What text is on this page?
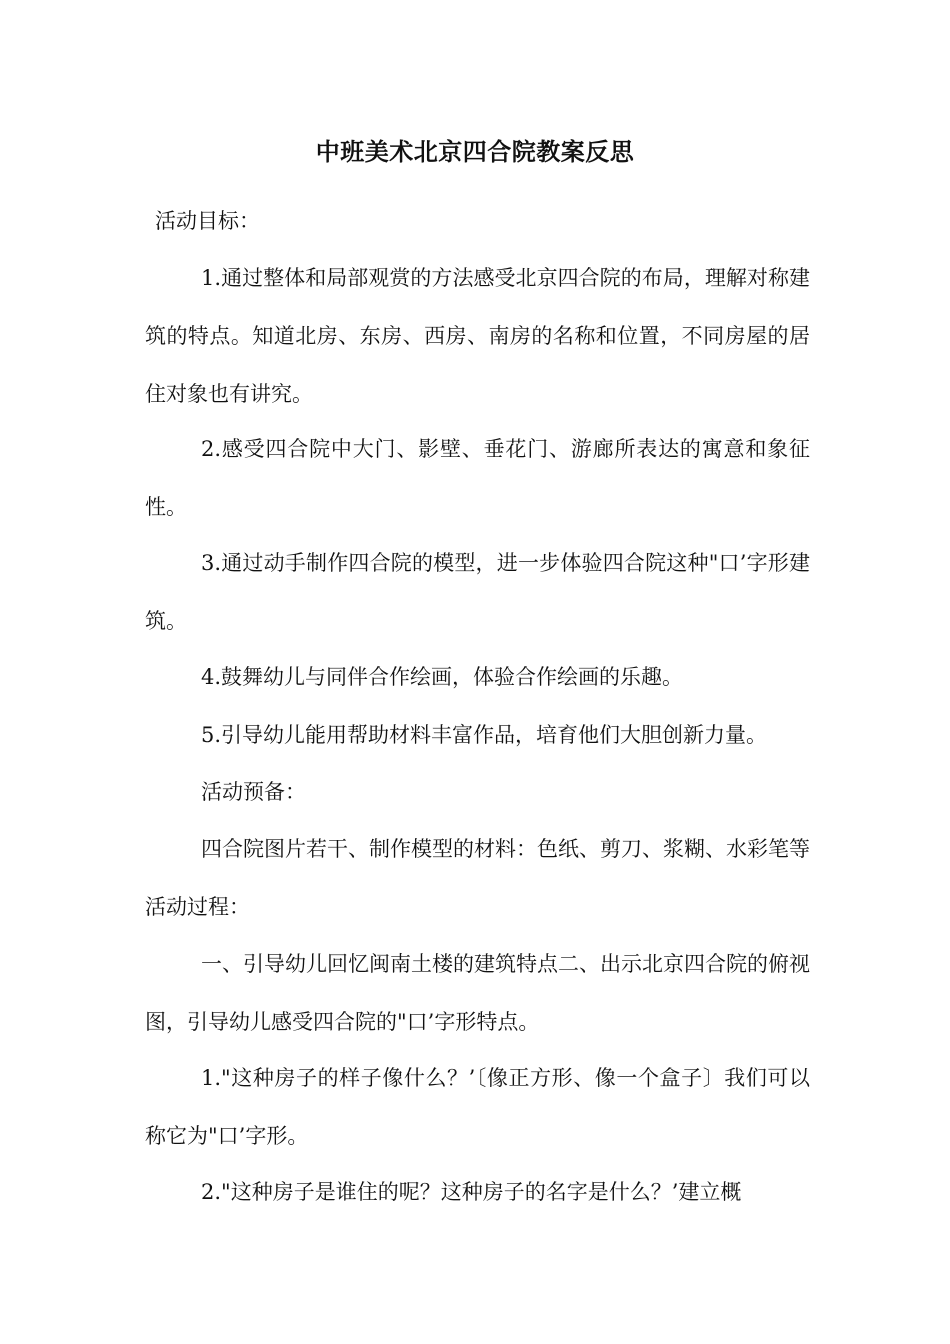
中班美术北京四合院教案反思

活动目标：

1.通过整体和局部观赏的方法感受北京四合院的布局，理解对称建筑的特点。知道北房、东房、西房、南房的名称和位置，不同房屋的居住对象也有讲究。

2.感受四合院中大门、影壁、垂花门、游廊所表达的寓意和象征性。

3.通过动手制作四合院的模型，进一步体验四合院这种"口’字形建筑。

4.鼓舞幼儿与同伴合作绘画，体验合作绘画的乐趣。

5.引导幼儿能用帮助材料丰富作品，培育他们大胆创新力量。

活动预备：

四合院图片若干、制作模型的材料：色纸、剪刀、浆糊、水彩笔等活动过程：

一、引导幼儿回忆闽南土楼的建筑特点二、出示北京四合院的俯视图，引导幼儿感受四合院的"口’字形特点。

1."这种房子的样子像什么？’〔像正方形、像一个盒子〕我们可以称它为"口’字形。

2."这种房子是谁住的呢？这种房子的名字是什么？’建立概
